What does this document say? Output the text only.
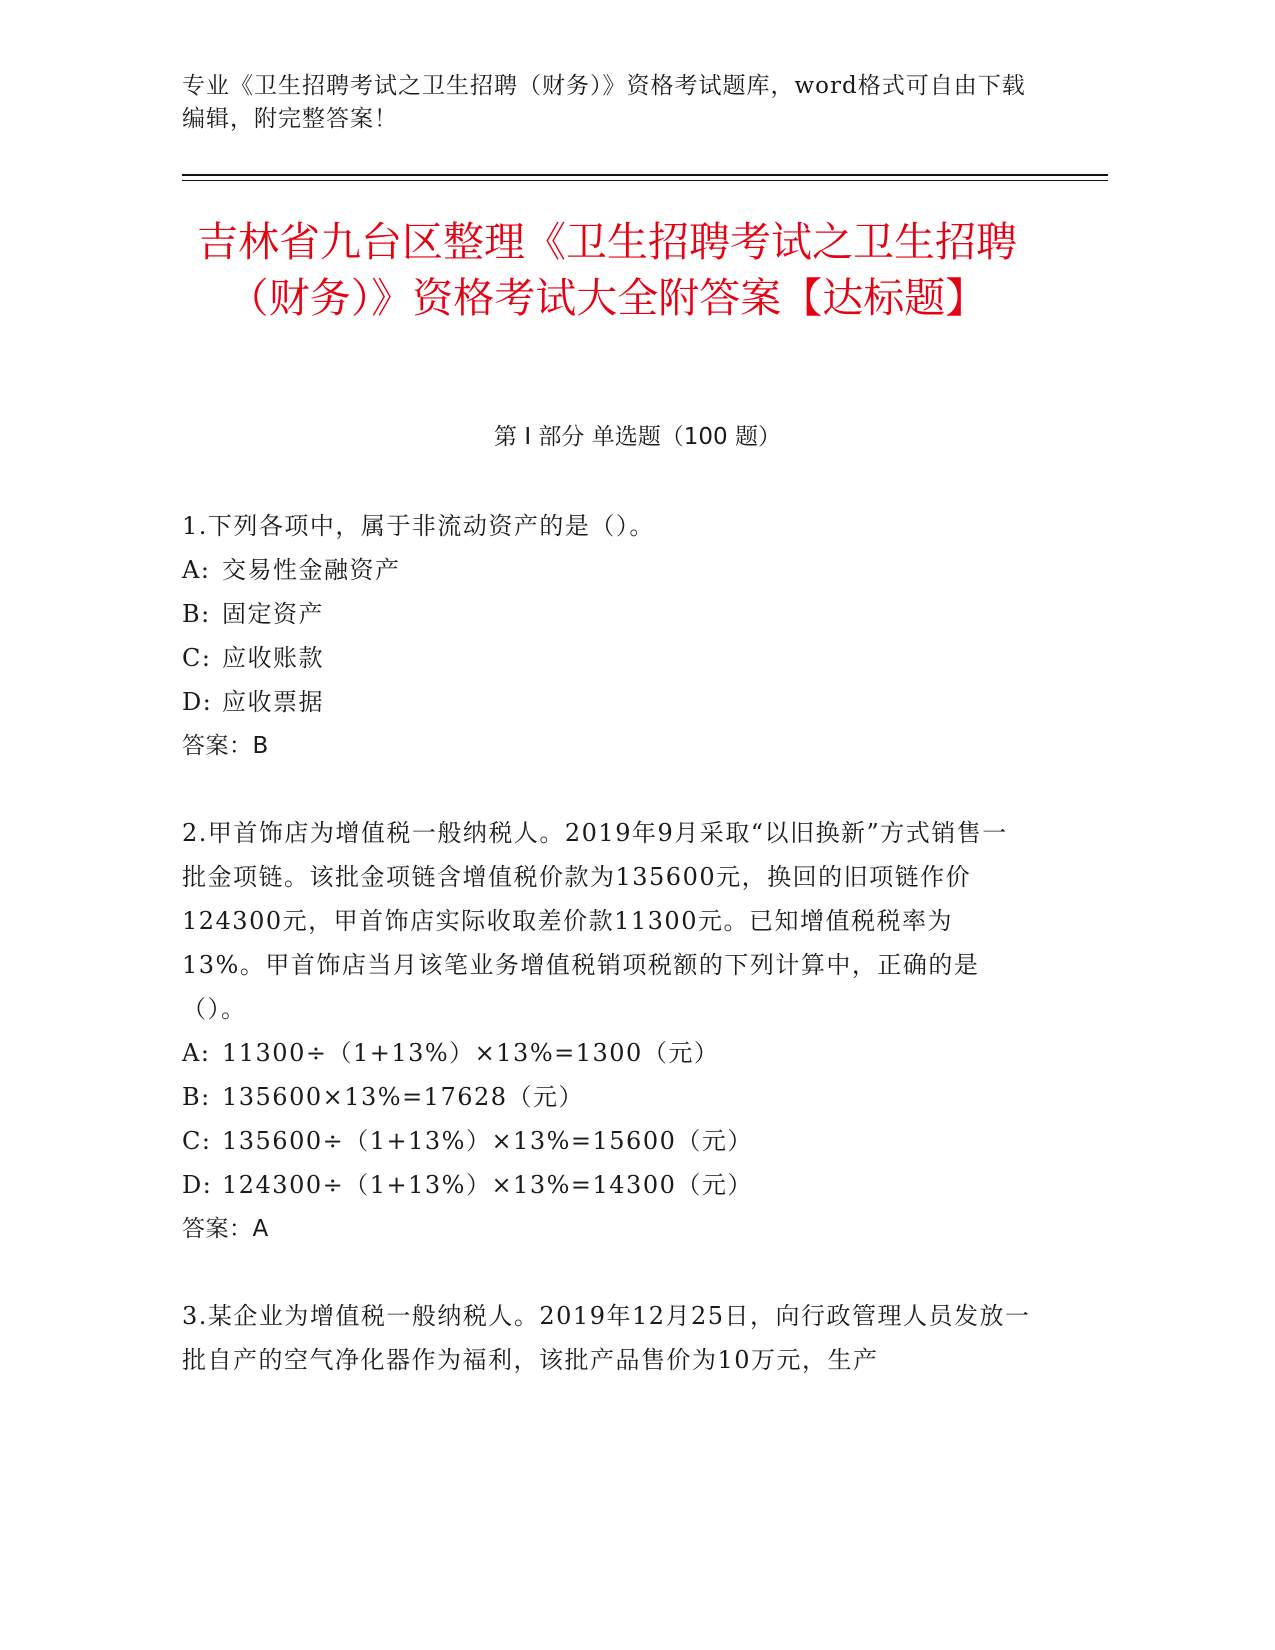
专业《卫生招聘考试之卫生招聘（财务）》资格考试题库，word格式可自由下载编辑，附完整答案！
吉林省九台区整理《卫生招聘考试之卫生招聘（财务）》资格考试大全附答案【达标题】
第 I 部分 单选题（100 题）

1.下列各项中，属于非流动资产的是（）。

A: 交易性金融资产

B: 固定资产

C: 应收账款

D: 应收票据

答案：B

2.甲首饰店为增值税一般纳税人。2019年9月采取“以旧换新”方式销售一批金项链。该批金项链含增值税价款为135600元，换回的旧项链作价124300元，甲首饰店实际收取差价款11300元。已知增值税税率为13%。甲首饰店当月该笔业务增值税销项税额的下列计算中，正确的是（）。

A: 11300÷（1+13%）×13%=1300（元）

B: 135600×13%=17628（元）

C: 135600÷（1+13%）×13%=15600（元）

D: 124300÷（1+13%）×13%=14300（元）

答案：A

3.某企业为增值税一般纳税人。2019年12月25日，向行政管理人员发放一批自产的空气净化器作为福利，该批产品售价为10万元，生产
